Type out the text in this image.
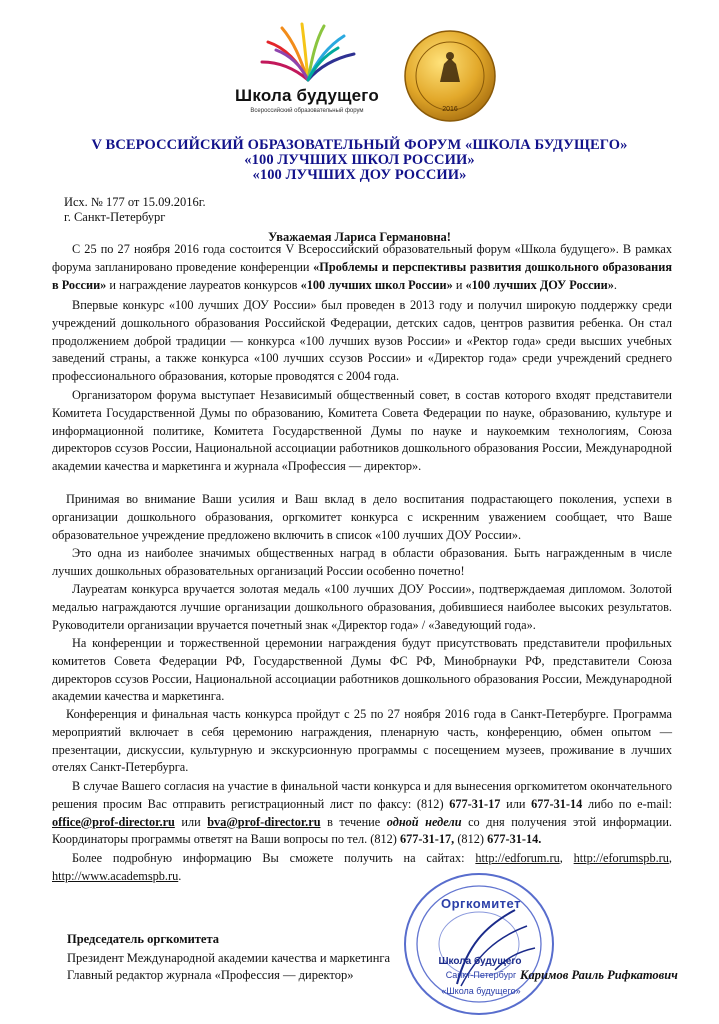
Школа будущего
Всероссийский образовательный форум	2016
V ВСЕРОССИЙСКИЙ ОБРАЗОВАТЕЛЬНЫЙ ФОРУМ «ШКОЛА БУДУЩЕГО»
«100 ЛУЧШИХ ШКОЛ РОССИИ»
«100 ЛУЧШИХ ДОУ РОССИИ»
Исх. № 177 от 15.09.2016г.
г. Санкт-Петербург
Уважаемая Лариса Германовна!
С 25 по 27 ноября 2016 года состоится V Всероссийский образовательный форум «Школа будущего». В рамках форума запланировано проведение конференции «Проблемы и перспективы развития дошкольного образования в России» и награждение лауреатов конкурсов «100 лучших школ России» и «100 лучших ДОУ России».
Впервые конкурс «100 лучших ДОУ России» был проведен в 2013 году и получил широкую поддержку среди учреждений дошкольного образования Российской Федерации, детских садов, центров развития ребенка. Он стал продолжением доброй традиции — конкурса «100 лучших вузов России» и «Ректор года» среди высших учебных заведений страны, а также конкурса «100 лучших ссузов России» и «Директор года» среди учреждений среднего профессионального образования, которые проводятся с 2004 года.
Организатором форума выступает Независимый общественный совет, в состав которого входят представители Комитета Государственной Думы по образованию, Комитета Совета Федерации по науке, образованию, культуре и информационной политике, Комитета Государственной Думы по науке и наукоемким технологиям, Союза директоров ссузов России, Национальной ассоциации работников дошкольного образования России, Международной академии качества и маркетинга и журнала «Профессия — директор».
Принимая во внимание Ваши усилия и Ваш вклад в дело воспитания подрастающего поколения, успехи в организации дошкольного образования, оргкомитет конкурса с искренним уважением сообщает, что Ваше образовательное учреждение предложено включить в список «100 лучших ДОУ России».
Это одна из наиболее значимых общественных наград в области образования. Быть награжденным в числе лучших дошкольных образовательных организаций России особенно почетно!
Лауреатам конкурса вручается золотая медаль «100 лучших ДОУ России», подтверждаемая дипломом. Золотой медалью награждаются лучшие организации дошкольного образования, добившиеся наиболее высоких результатов. Руководители организации вручается почетный знак «Директор года» / «Заведующий года».
На конференции и торжественной церемонии награждения будут присутствовать представители профильных комитетов Совета Федерации РФ, Государственной Думы ФС РФ, Минобрнауки РФ, представители Союза директоров ссузов России, Национальной ассоциации работников дошкольного образования России, Международной академии качества и маркетинга.
Конференция и финальная часть конкурса пройдут с 25 по 27 ноября 2016 года в Санкт-Петербурге. Программа мероприятий включает в себя церемонию награждения, пленарную часть, конференцию, обмен опытом — презентации, дискуссии, культурную и экскурсионную программы с посещением музеев, проживание в лучших отелях Санкт-Петербурга.
В случае Вашего согласия на участие в финальной части конкурса и для вынесения оргкомитетом окончательного решения просим Вас отправить регистрационный лист по факсу: (812) 677-31-17 или 677-31-14 либо по e-mail: office@prof-director.ru или bva@prof-director.ru в течение одной недели со дня получения этой информации. Координаторы программы ответят на Ваши вопросы по тел. (812) 677-31-17, (812) 677-31-14.
Более подробную информацию Вы сможете получить на сайтах: http://edforum.ru, http://eforumspb.ru, http://www.academspb.ru.
Оргкомитет
Школа будущего
Санкт-Петербург
«Школа будущего»
Председатель оргкомитета
Президент Международной академии качества и маркетинга
Главный редактор журнала «Профессия — директор»	Каримов Раиль Рифкатович
